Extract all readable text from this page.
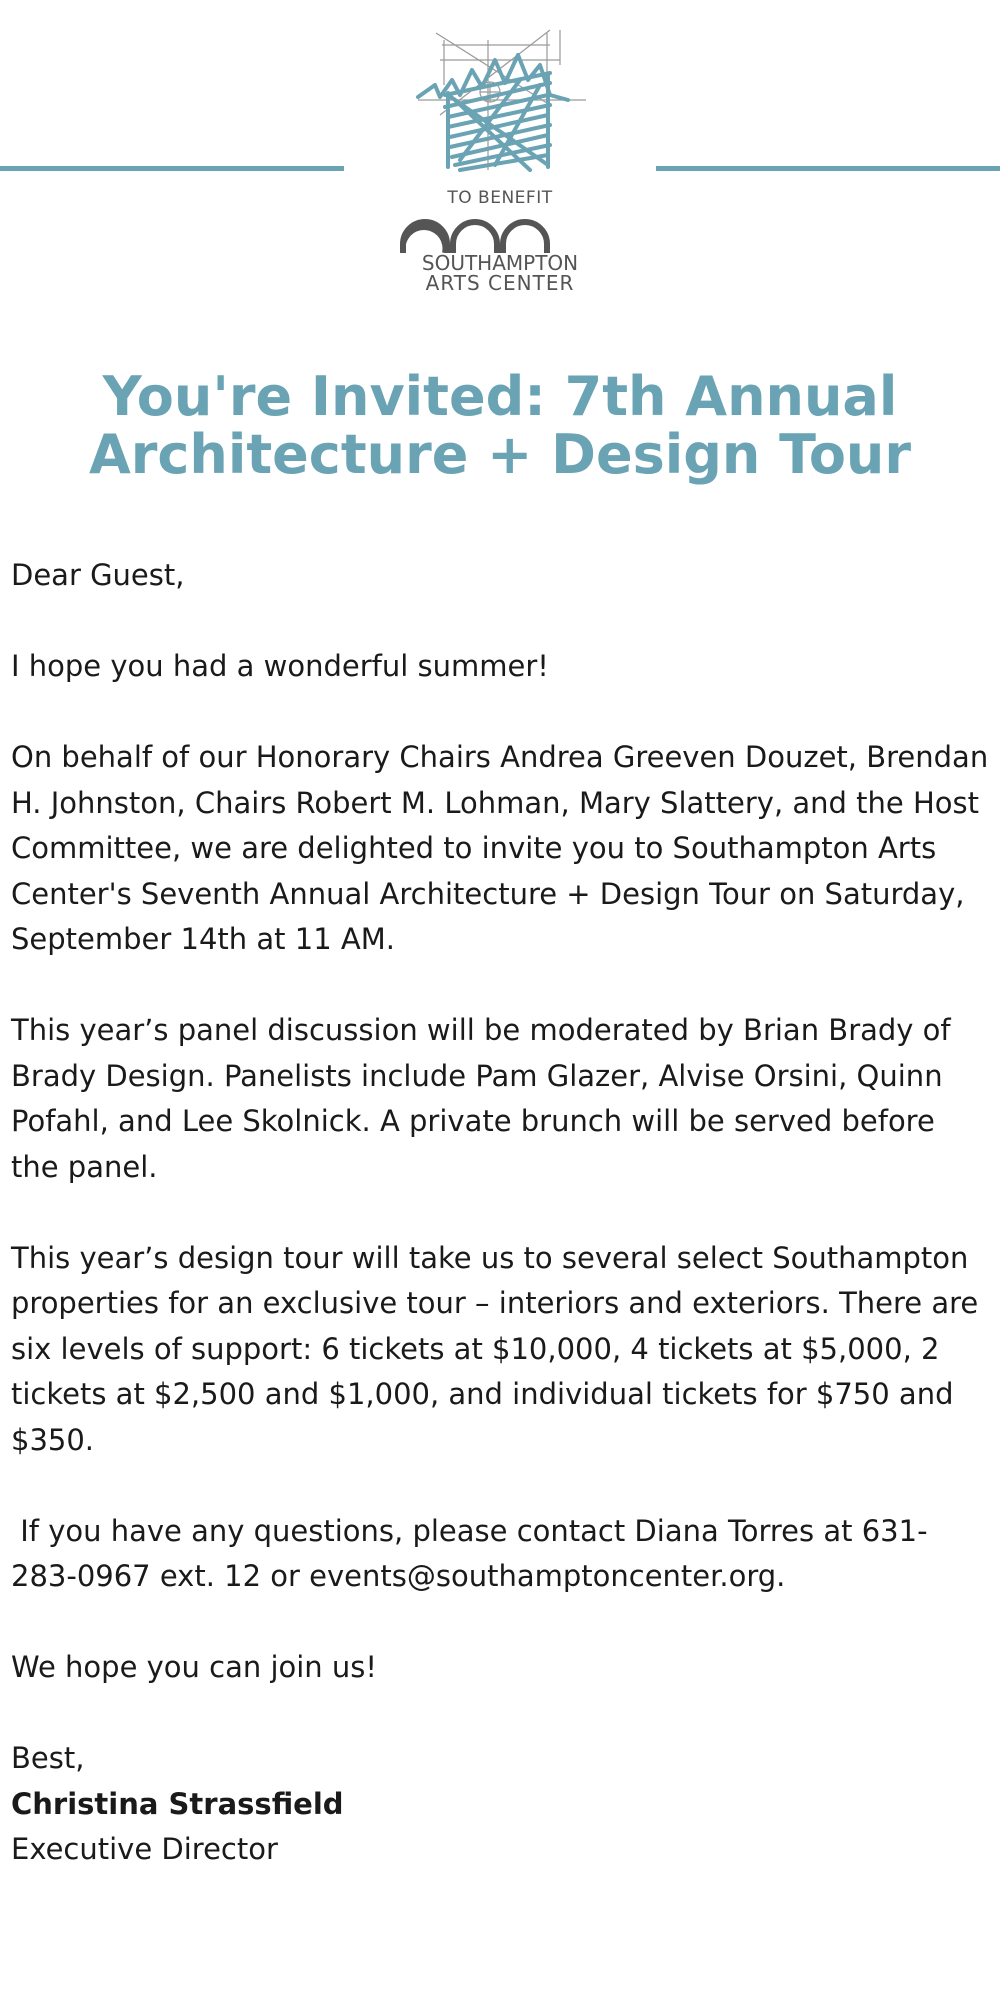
TO BENEFIT
SOUTHAMPTON
ARTS CENTER
You're Invited: 7th Annual Architecture + Design Tour

Dear Guest,

I hope you had a wonderful summer!

On behalf of our Honorary Chairs Andrea Greeven Douzet, Brendan H. Johnston, Chairs Robert M. Lohman, Mary Slattery, and the Host Committee, we are delighted to invite you to Southampton Arts Center's Seventh Annual Architecture + Design Tour on Saturday, September 14th at 11 AM.

This year’s panel discussion will be moderated by Brian Brady of Brady Design. Panelists include Pam Glazer, Alvise Orsini, Quinn Pofahl, and Lee Skolnick. A private brunch will be served before the panel.

This year’s design tour will take us to several select Southampton properties for an exclusive tour – interiors and exteriors. There are six levels of support: 6 tickets at $10,000, 4 tickets at $5,000, 2 tickets at $2,500 and $1,000, and individual tickets for $750 and $350.

If you have any questions, please contact Diana Torres at 631-283-0967 ext. 12 or events@southamptoncenter.org.

We hope you can join us!

Best,

Christina Strassfield

Executive Director
